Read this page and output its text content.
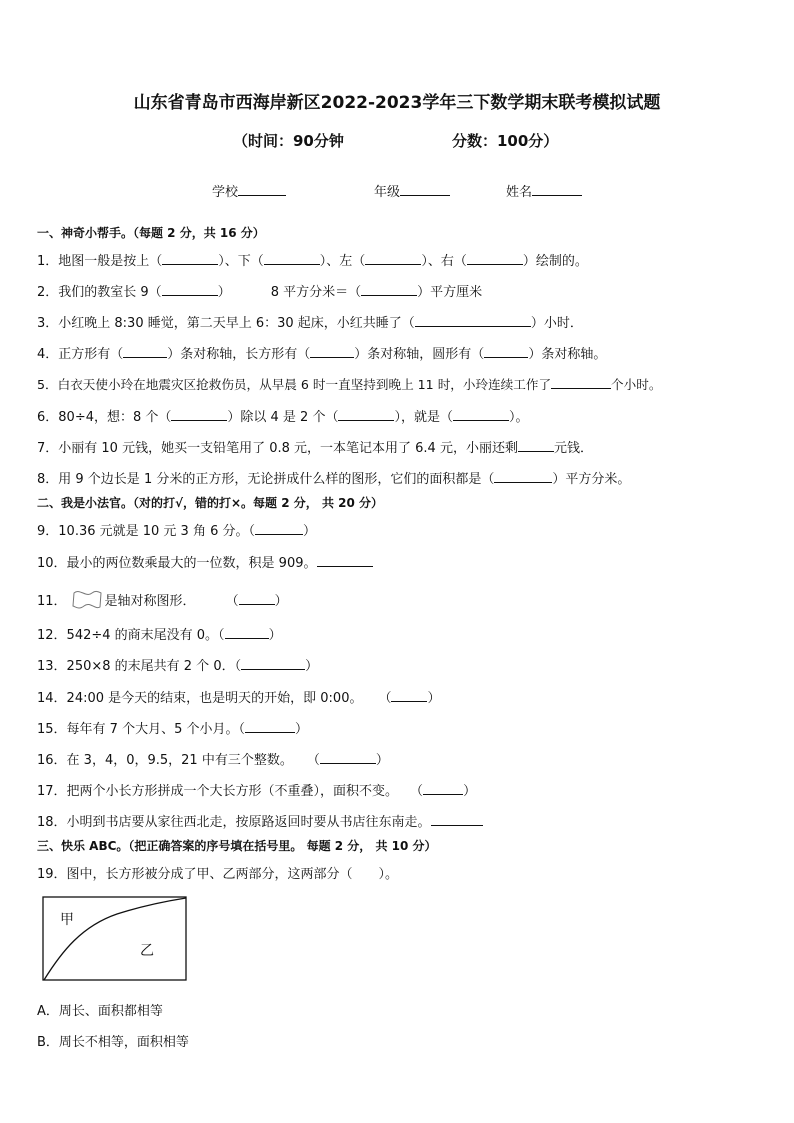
山东省青岛市西海岸新区2022-2023学年三下数学期末联考模拟试题
（时间：90分钟	分数：100分）
学校	年级	姓名
一、神奇小帮手。（每题 2 分，共 16 分）
1．地图一般是按上（	）、下（	）、左（	）、右（	）绘制的。
2．我们的教室长 9（	）	8 平方分米＝（	）平方厘米
3．小红晚上 8:30 睡觉，第二天早上 6：30 起床，小红共睡了（	）小时．
4．正方形有（	）条对称轴，长方形有（	）条对称轴，圆形有（	）条对称轴。
5．白衣天使小玲在地震灾区抢救伤员，从早晨 6 时一直坚持到晚上 11 时，小玲连续工作了	个小时。
6．80÷4，想：8 个（	）除以 4 是 2 个（	），就是（	）。
7．小丽有 10 元钱，她买一支铅笔用了 0.8 元，一本笔记本用了 6.4 元，小丽还剩	元钱．
8．用 9 个边长是 1 分米的正方形，无论拼成什么样的图形，它们的面积都是（	）平方分米。
二、我是小法官。（对的打√，错的打×。每题 2 分， 共 20 分）
9．10.36 元就是 10 元 3 角 6 分。（	）
10．最小的两位数乘最大的一位数，积是 909。
11．	是轴对称图形． （	）
12．542÷4 的商末尾没有 0。（	）
13．250×8 的末尾共有 2 个 0．（	）
14．24:00 是今天的结束，也是明天的开始，即 0:00。 （	）
15．每年有 7 个大月、5 个小月。（	）
16．在 3，4，0，9.5，21 中有三个整数。 （	）
17．把两个小长方形拼成一个大长方形（不重叠），面积不变。 （	）
18．小明到书店要从家往西北走，按原路返回时要从书店往东南走。
三、快乐 ABC。（把正确答案的序号填在括号里。 每题 2 分， 共 10 分）
19．图中，长方形被分成了甲、乙两部分，这两部分（ ）。
甲
乙
A．周长、面积都相等
B．周长不相等，面积相等
